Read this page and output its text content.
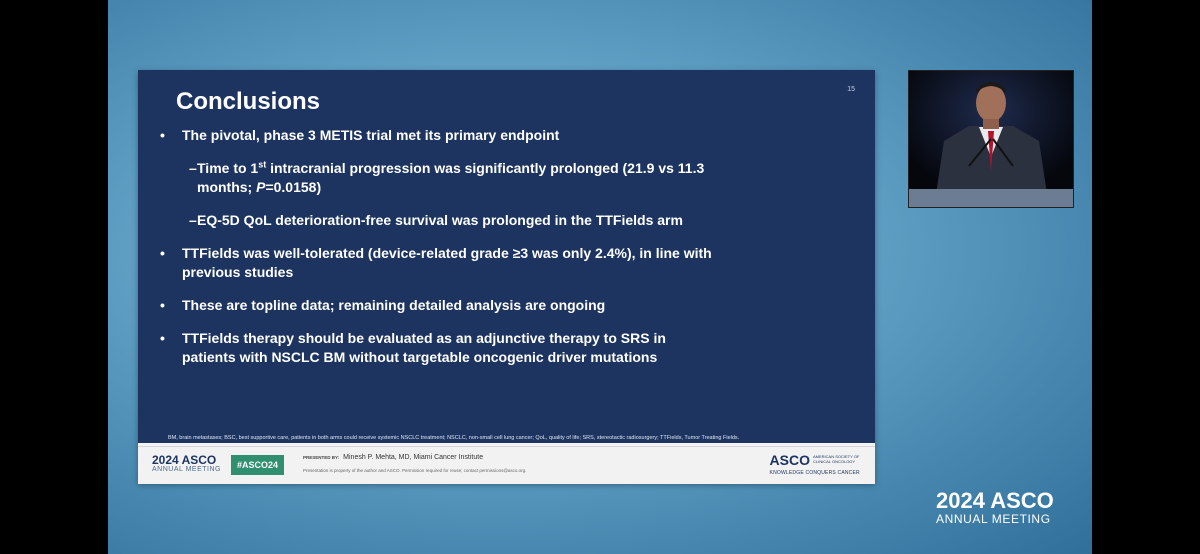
Conclusions	15
• The pivotal, phase 3 METIS trial met its primary endpoint
– Time to 1st intracranial progression was significantly prolonged (21.9 vs 11.3
months; P=0.0158)
– EQ-5D QoL deterioration-free survival was prolonged in the TTFields arm
• TTFields was well-tolerated (device-related grade ≥3 was only 2.4%), in line with
previous studies
• These are topline data; remaining detailed analysis are ongoing
• TTFields therapy should be evaluated as an adjunctive therapy to SRS in
patients with NSCLC BM without targetable oncogenic driver mutations
BM, brain metastases; BSC, best supportive care, patients in both arms could receive systemic NSCLC treatment; NSCLC, non-small cell lung cancer; QoL, quality of life; SRS, stereotactic radiosurgery; TTFields, Tumor Treating Fields.
2024 ASCO
ANNUAL MEETING	#ASCO24
PRESENTED BY: Minesh P. Mehta, MD, Miami Cancer Institute
Presentation is property of the author and ASCO. Permission required for reuse; contact permissions@asco.org.
ASCO AMERICAN SOCIETY OF CLINICAL ONCOLOGY
KNOWLEDGE CONQUERS CANCER
2024 ASCO
ANNUAL MEETING
